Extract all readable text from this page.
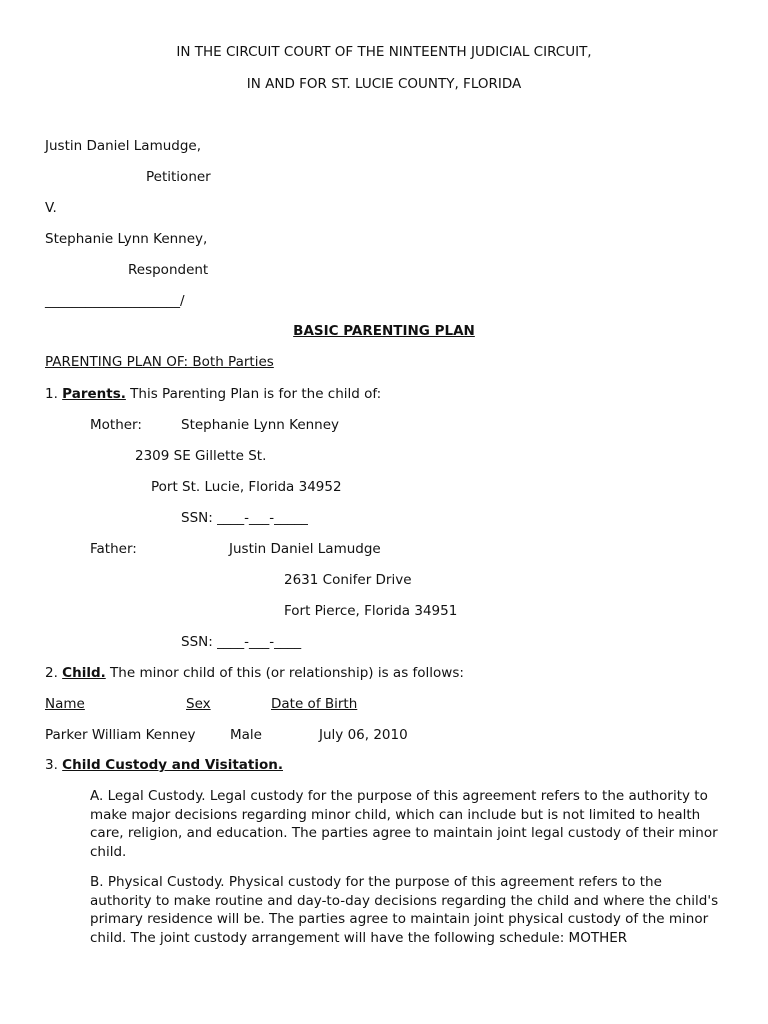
IN THE CIRCUIT COURT OF THE NINTEENTH JUDICIAL CIRCUIT,
IN AND FOR ST. LUCIE COUNTY, FLORIDA
Justin Daniel Lamudge,
Petitioner
V.
Stephanie Lynn Kenney,
Respondent
____________________/
BASIC PARENTING PLAN
PARENTING PLAN OF: Both Parties
1. Parents. This Parenting Plan is for the child of:
Mother:	Stephanie Lynn Kenney
2309 SE Gillette St.
Port St. Lucie, Florida 34952
SSN: ____-___-_____
Father:	Justin Daniel Lamudge
2631 Conifer Drive
Fort Pierce, Florida 34951
SSN: ____-___-____
2. Child. The minor child of this (or relationship) is as follows:
Name	Sex	Date of Birth
Parker William Kenney	Male	July 06, 2010
3. Child Custody and Visitation.
A. Legal Custody. Legal custody for the purpose of this agreement refers to the authority to make major decisions regarding minor child, which can include but is not limited to health care, religion, and education. The parties agree to maintain joint legal custody of their minor child.
B. Physical Custody. Physical custody for the purpose of this agreement refers to the authority to make routine and day-to-day decisions regarding the child and where the child's primary residence will be. The parties agree to maintain joint physical custody of the minor child. The joint custody arrangement will have the following schedule: MOTHER
